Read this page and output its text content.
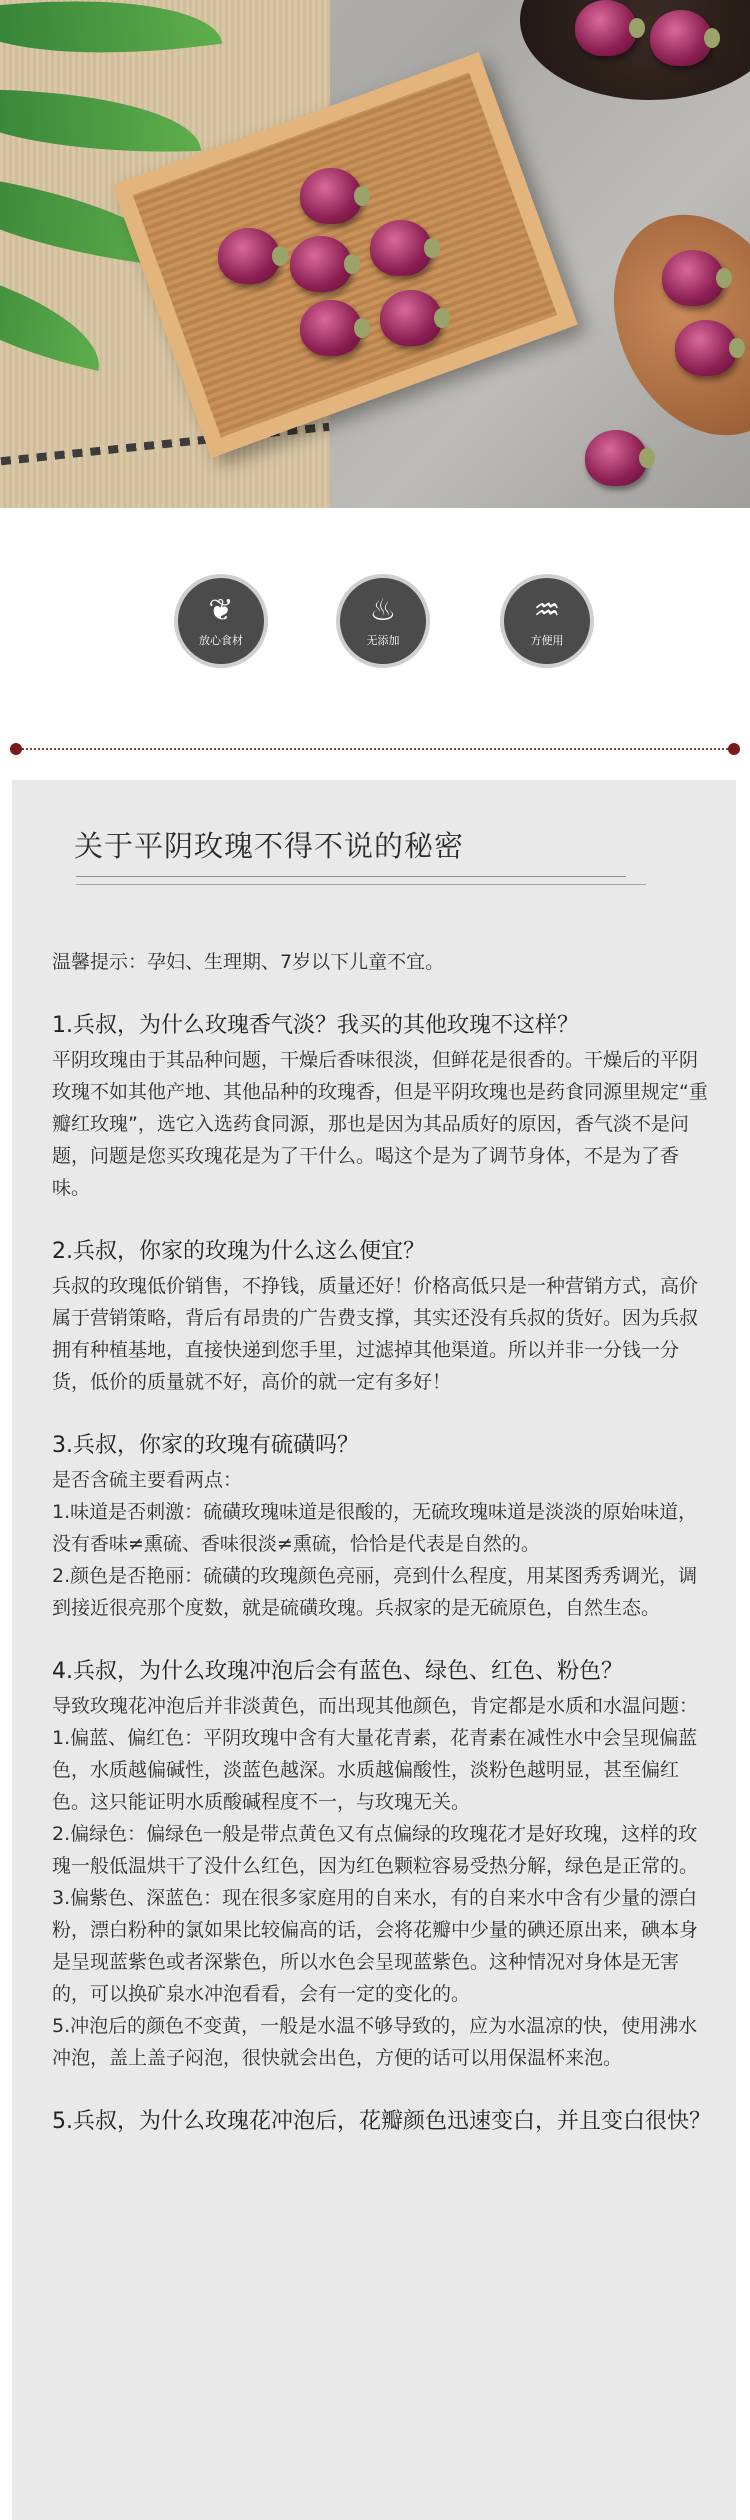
❦
放心食材
♨
无添加
♒
方便用
关于平阴玫瑰不得不说的秘密

温馨提示：孕妇、生理期、7岁以下儿童不宜。

1.兵叔，为什么玫瑰香气淡？我买的其他玫瑰不这样？

平阴玫瑰由于其品种问题，干燥后香味很淡，但鲜花是很香的。干燥后的平阴玫瑰不如其他产地、其他品种的玫瑰香，但是平阴玫瑰也是药食同源里规定“重瓣红玫瑰”，选它入选药食同源，那也是因为其品质好的原因，香气淡不是问题，问题是您买玫瑰花是为了干什么。喝这个是为了调节身体，不是为了香味。

2.兵叔，你家的玫瑰为什么这么便宜？

兵叔的玫瑰低价销售，不挣钱，质量还好！价格高低只是一种营销方式，高价属于营销策略，背后有昂贵的广告费支撑，其实还没有兵叔的货好。因为兵叔拥有种植基地，直接快递到您手里，过滤掉其他渠道。所以并非一分钱一分货，低价的质量就不好，高价的就一定有多好！

3.兵叔，你家的玫瑰有硫磺吗？

是否含硫主要看两点：

1.味道是否刺激：硫磺玫瑰味道是很酸的，无硫玫瑰味道是淡淡的原始味道，没有香味≠熏硫、香味很淡≠熏硫，恰恰是代表是自然的。

2.颜色是否艳丽：硫磺的玫瑰颜色亮丽，亮到什么程度，用某图秀秀调光，调到接近很亮那个度数，就是硫磺玫瑰。兵叔家的是无硫原色，自然生态。

4.兵叔，为什么玫瑰冲泡后会有蓝色、绿色、红色、粉色？

导致玫瑰花冲泡后并非淡黄色，而出现其他颜色，肯定都是水质和水温问题：

1.偏蓝、偏红色：平阴玫瑰中含有大量花青素，花青素在减性水中会呈现偏蓝色，水质越偏碱性，淡蓝色越深。水质越偏酸性，淡粉色越明显，甚至偏红色。这只能证明水质酸碱程度不一，与玫瑰无关。

2.偏绿色：偏绿色一般是带点黄色又有点偏绿的玫瑰花才是好玫瑰，这样的玫瑰一般低温烘干了没什么红色，因为红色颗粒容易受热分解，绿色是正常的。

3.偏紫色、深蓝色：现在很多家庭用的自来水，有的自来水中含有少量的漂白粉，漂白粉种的氯如果比较偏高的话，会将花瓣中少量的碘还原出来，碘本身是呈现蓝紫色或者深紫色，所以水色会呈现蓝紫色。这种情况对身体是无害的，可以换矿泉水冲泡看看，会有一定的变化的。

5.冲泡后的颜色不变黄，一般是水温不够导致的，应为水温凉的快，使用沸水冲泡，盖上盖子闷泡，很快就会出色，方便的话可以用保温杯来泡。

5.兵叔，为什么玫瑰花冲泡后，花瓣颜色迅速变白，并且变白很快？
